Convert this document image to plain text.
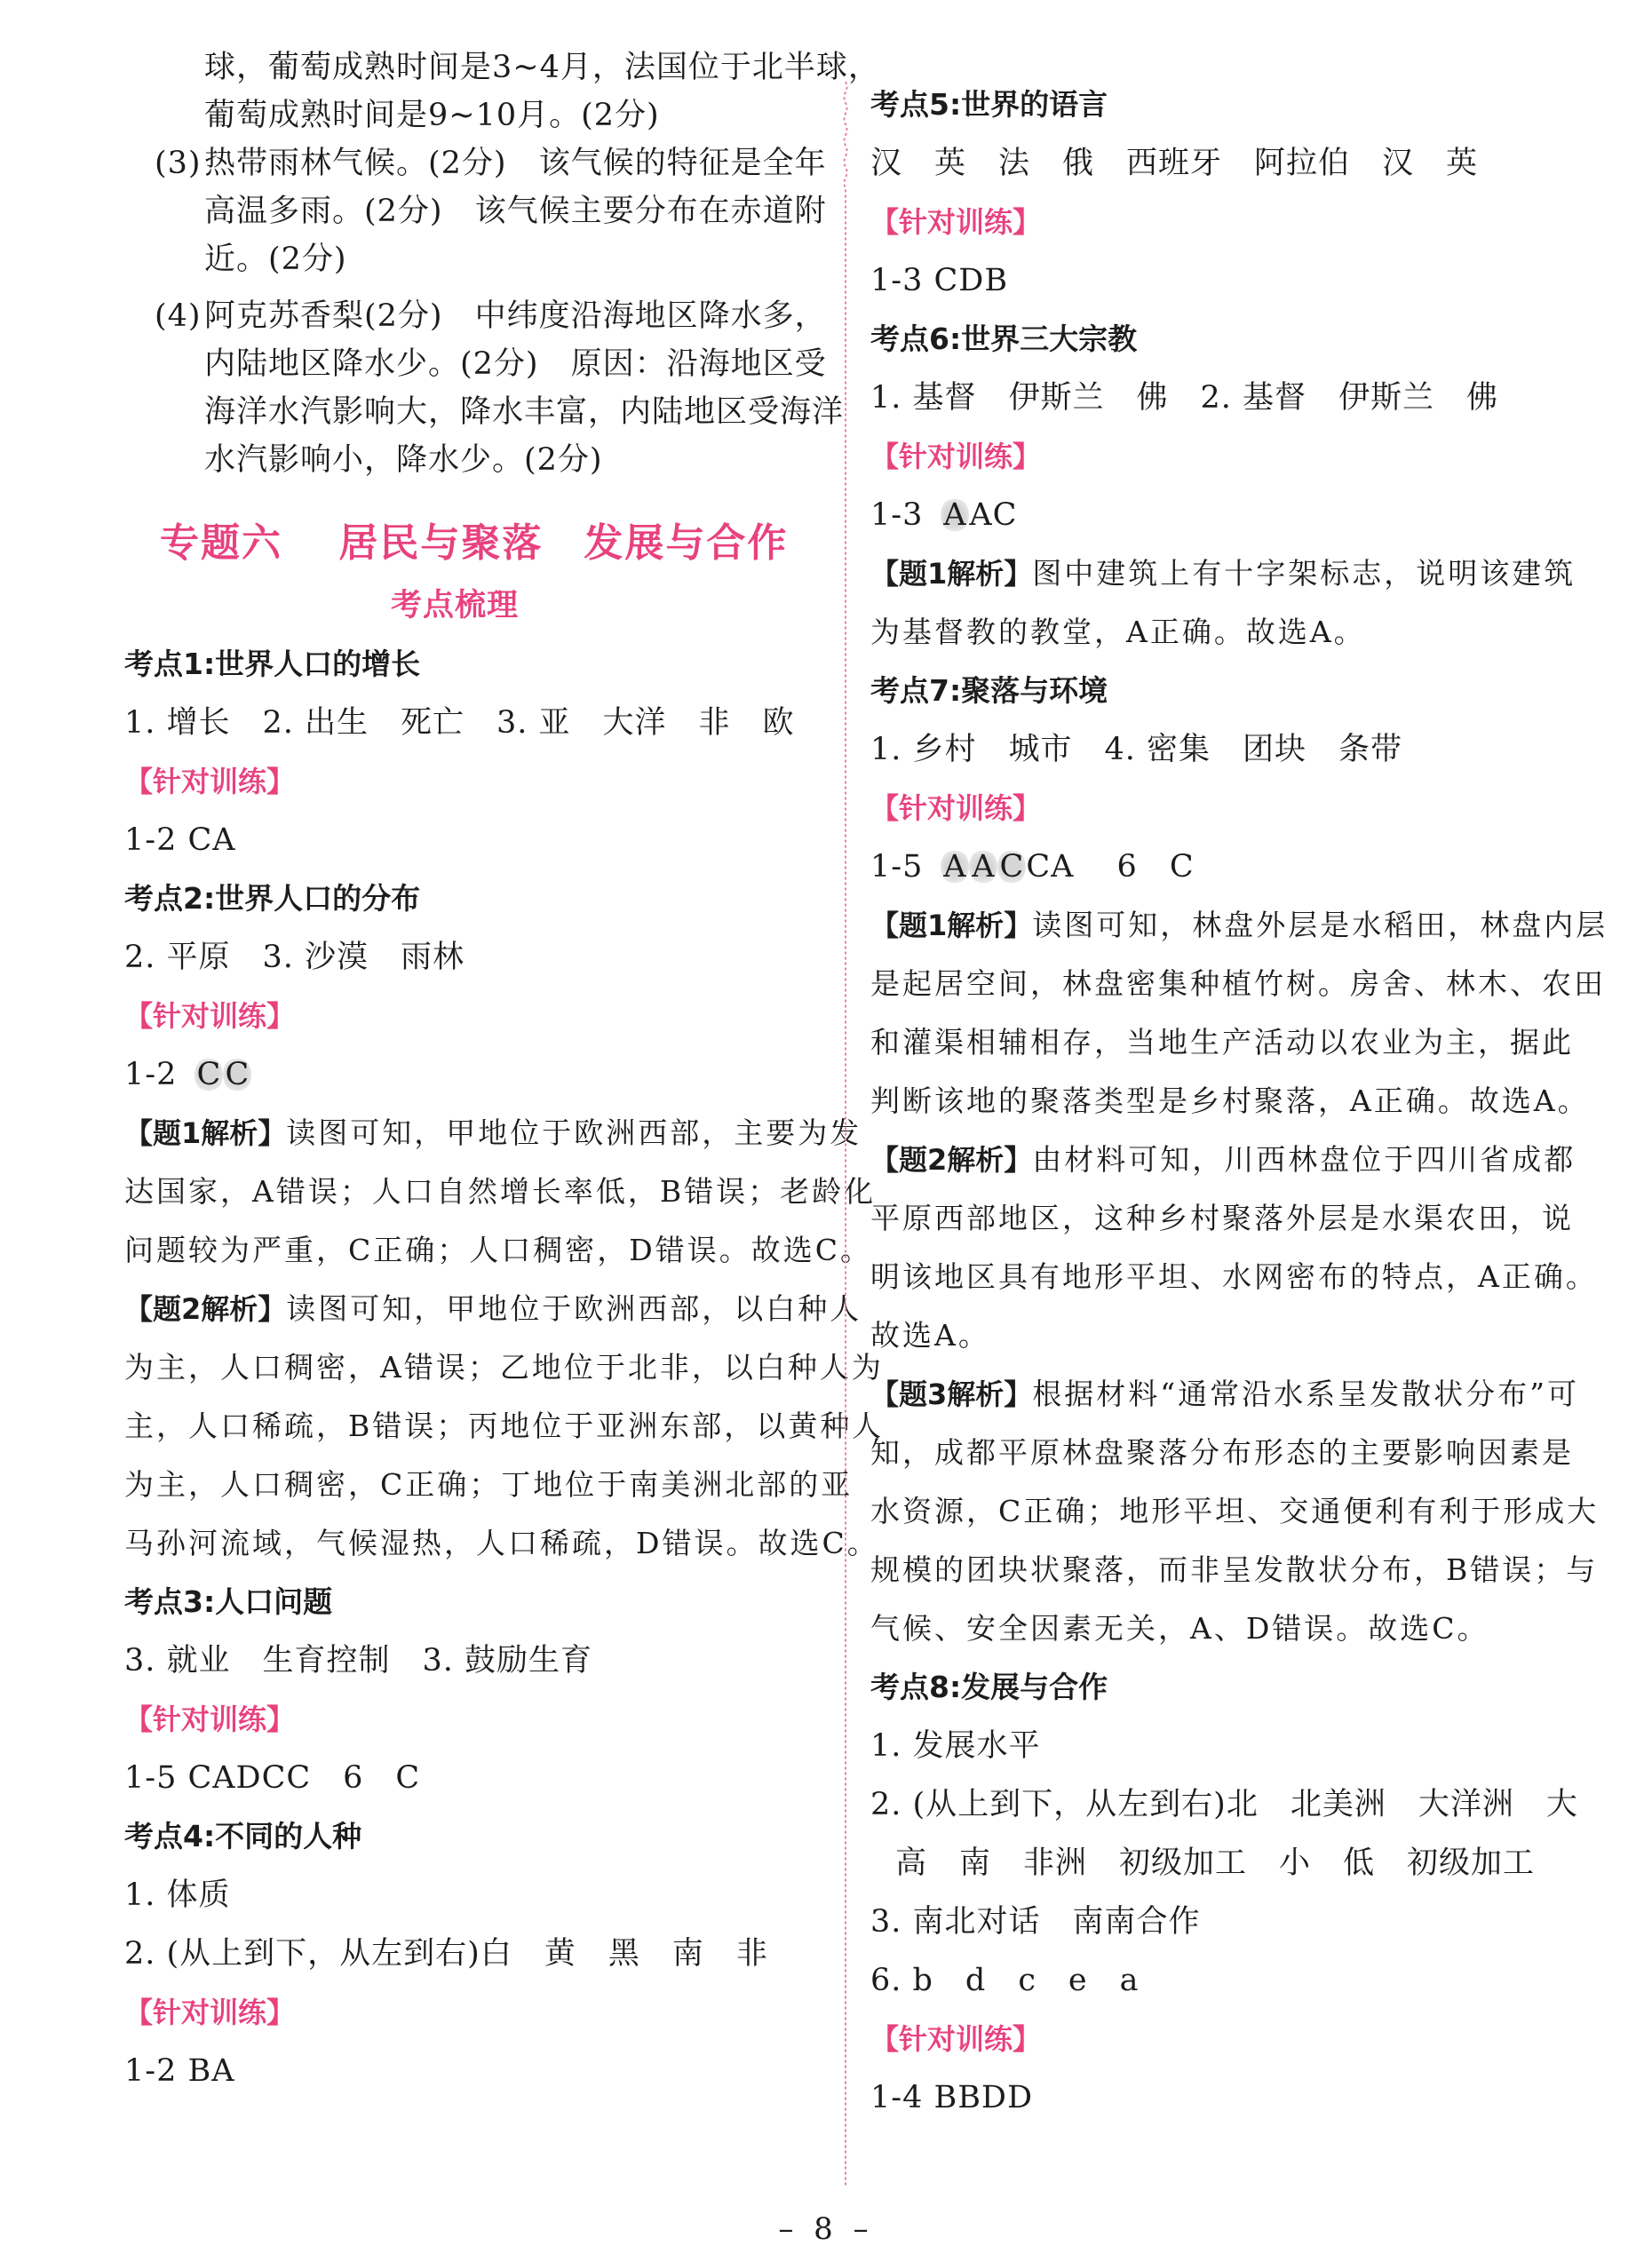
球，葡萄成熟时间是3~4月，法国位于北半球，
葡萄成熟时间是9~10月。(2分)
(3) 热带雨林气候。(2分)　该气候的特征是全年
高温多雨。(2分)　该气候主要分布在赤道附
近。(2分)
(4) 阿克苏香梨(2分)　中纬度沿海地区降水多，
内陆地区降水少。(2分)　原因：沿海地区受
海洋水汽影响大，降水丰富，内陆地区受海洋
水汽影响小，降水少。(2分)
专题六　 居民与聚落　发展与合作
考点梳理
考点1:世界人口的增长
1. 增长　2. 出生　死亡　3. 亚　大洋　非　欧
【针对训练】
1-2 CA
考点2:世界人口的分布
2. 平原　3. 沙漠　雨林
【针对训练】
1-2 C C
【题1解析】读图可知，甲地位于欧洲西部，主要为发
达国家，A错误；人口自然增长率低，B错误；老龄化
问题较为严重，C正确；人口稠密，D错误。故选C。
【题2解析】读图可知，甲地位于欧洲西部，以白种人
为主，人口稠密，A错误；乙地位于北非，以白种人为
主，人口稀疏，B错误；丙地位于亚洲东部，以黄种人
为主，人口稠密，C正确；丁地位于南美洲北部的亚
马孙河流域，气候湿热，人口稀疏，D错误。故选C。
考点3:人口问题
3. 就业　生育控制　3. 鼓励生育
【针对训练】
1-5 CADCC　6　C
考点4:不同的人种
1. 体质
2. (从上到下，从左到右)白　黄　黑　南　非
【针对训练】
1-2 BA
考点5:世界的语言
汉　英　法　俄　西班牙　阿拉伯　汉　英
【针对训练】
1-3 CDB
考点6:世界三大宗教
1. 基督　伊斯兰　佛　2. 基督　伊斯兰　佛
【针对训练】
1-3 AAC
【题1解析】图中建筑上有十字架标志，说明该建筑
为基督教的教堂，A正确。故选A。
考点7:聚落与环境
1. 乡村　城市　4. 密集　团块　条带
【针对训练】
1-5 A A CCA　 6　C
【题1解析】读图可知，林盘外层是水稻田，林盘内层
是起居空间，林盘密集种植竹树。房舍、林木、农田
和灌渠相辅相存，当地生产活动以农业为主，据此
判断该地的聚落类型是乡村聚落，A正确。故选A。
【题2解析】由材料可知，川西林盘位于四川省成都
平原西部地区，这种乡村聚落外层是水渠农田，说
明该地区具有地形平坦、水网密布的特点，A正确。
故选A。
【题3解析】根据材料“通常沿水系呈发散状分布”可
知，成都平原林盘聚落分布形态的主要影响因素是
水资源，C正确；地形平坦、交通便利有利于形成大
规模的团块状聚落，而非呈发散状分布，B错误；与
气候、安全因素无关，A、D错误。故选C。
考点8:发展与合作
1. 发展水平
2. (从上到下，从左到右)北　北美洲　大洋洲　大
高　南　非洲　初级加工　小　低　初级加工
3. 南北对话　南南合作
6. b　d　c　e　a
【针对训练】
1-4 BBDD
– 8 –
